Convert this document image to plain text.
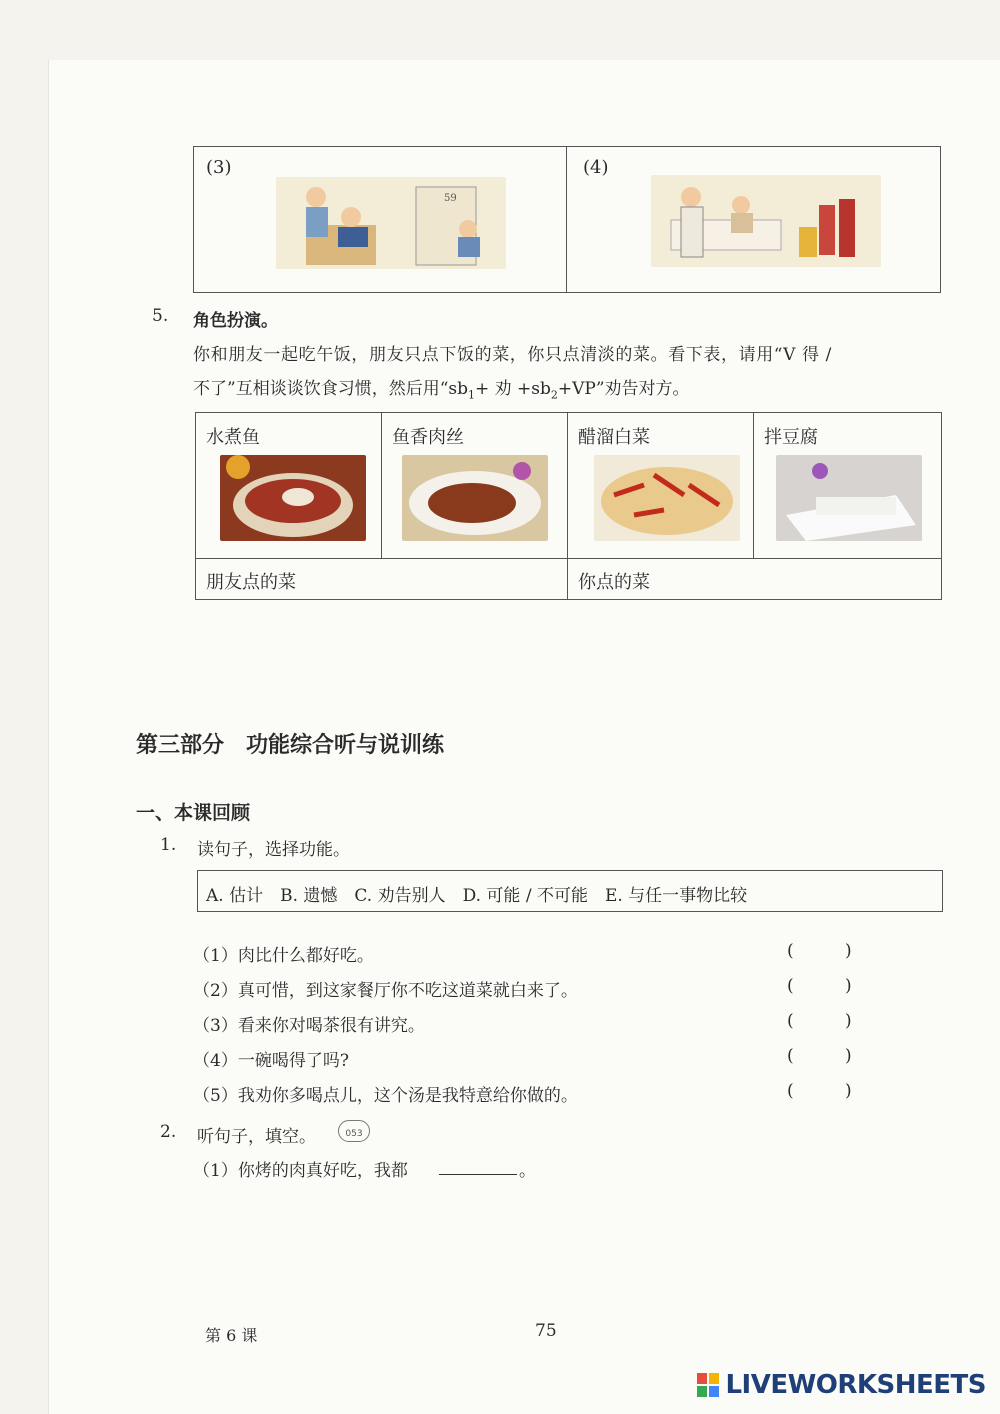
(3)
59
(4)
5. 角色扮演。
你和朋友一起吃午饭，朋友只点下饭的菜，你只点清淡的菜。看下表，请用“V 得 /
不了”互相谈谈饮食习惯，然后用“$sb_1+$ 劝 $+sb_2+VP$”劝告对方。
水煮鱼	鱼香肉丝	醋溜白菜	拌豆腐
朋友点的菜	你点的菜
第三部分　功能综合听与说训练
一、本课回顾
1. 读句子，选择功能。
A. 估计　B. 遗憾　C. 劝告别人　D. 可能 / 不可能　E. 与任一事物比较
（1）肉比什么都好吃。	(	)
（2）真可惜，到这家餐厅你不吃这道菜就白来了。	(	)
（3）看来你对喝茶很有讲究。	(	)
（4）一碗喝得了吗?	(	)
（5）我劝你多喝点儿，这个汤是我特意给你做的。	(	)
2. 听句子，填空。	053
（1）你烤的肉真好吃，我都	。
第 6 课	75
LIVEWORKSHEETS
